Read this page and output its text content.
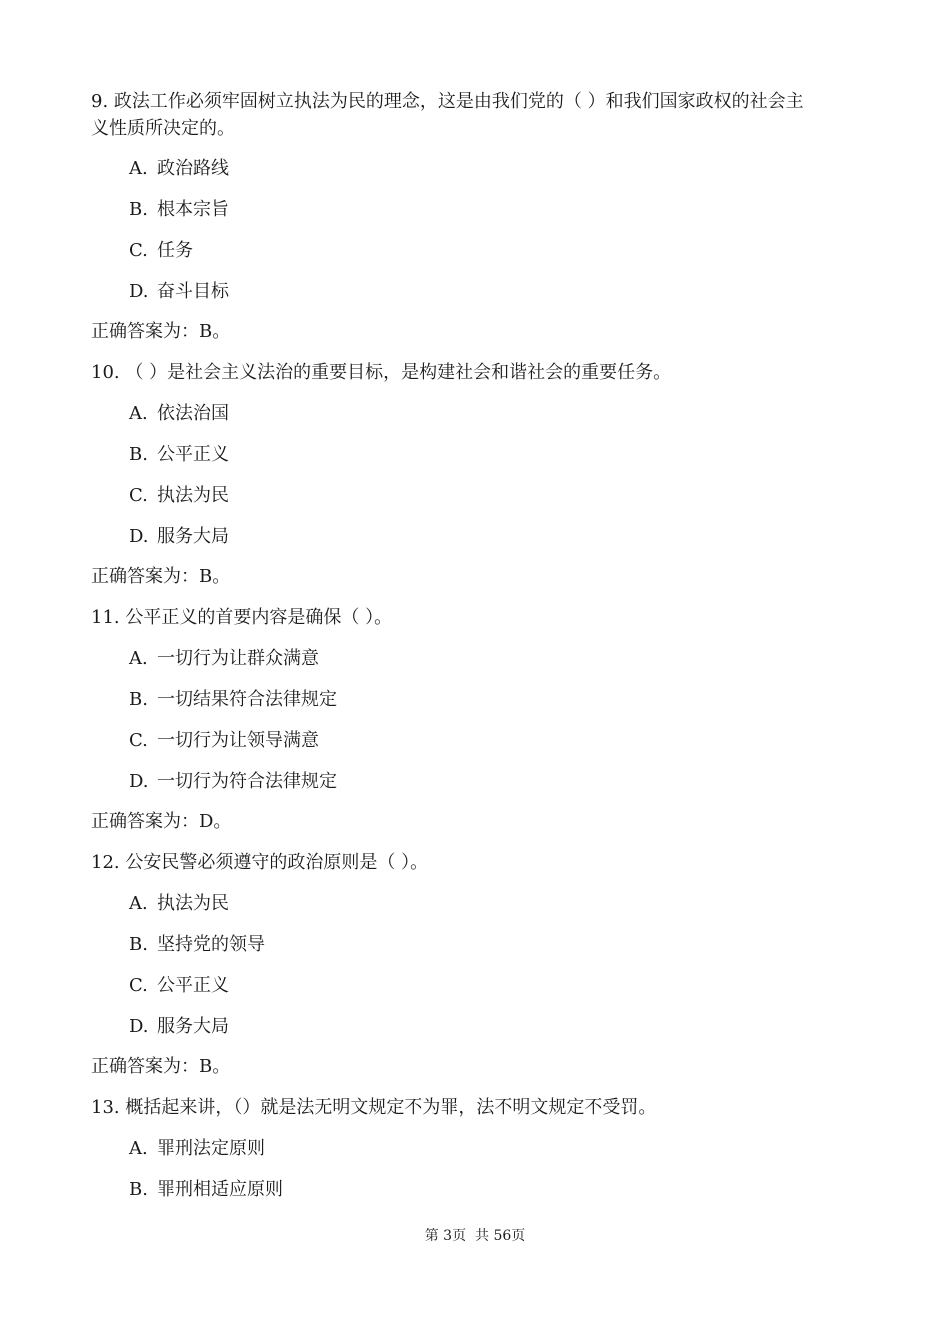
9. 政法工作必须牢固树立执法为民的理念，这是由我们党的（ ）和我们国家政权的社会主
义性质所决定的。
A. 政治路线
B. 根本宗旨
C. 任务
D. 奋斗目标
正确答案为：B。
10. （ ）是社会主义法治的重要目标，是构建社会和谐社会的重要任务。
A. 依法治国
B. 公平正义
C. 执法为民
D. 服务大局
正确答案为：B。
11. 公平正义的首要内容是确保（ ）。
A. 一切行为让群众满意
B. 一切结果符合法律规定
C. 一切行为让领导满意
D. 一切行为符合法律规定
正确答案为：D。
12. 公安民警必须遵守的政治原则是（ ）。
A. 执法为民
B. 坚持党的领导
C. 公平正义
D. 服务大局
正确答案为：B。
13. 概括起来讲，（）就是法无明文规定不为罪，法不明文规定不受罚。
A. 罪刑法定原则
B. 罪刑相适应原则
第 3页  共 56页
